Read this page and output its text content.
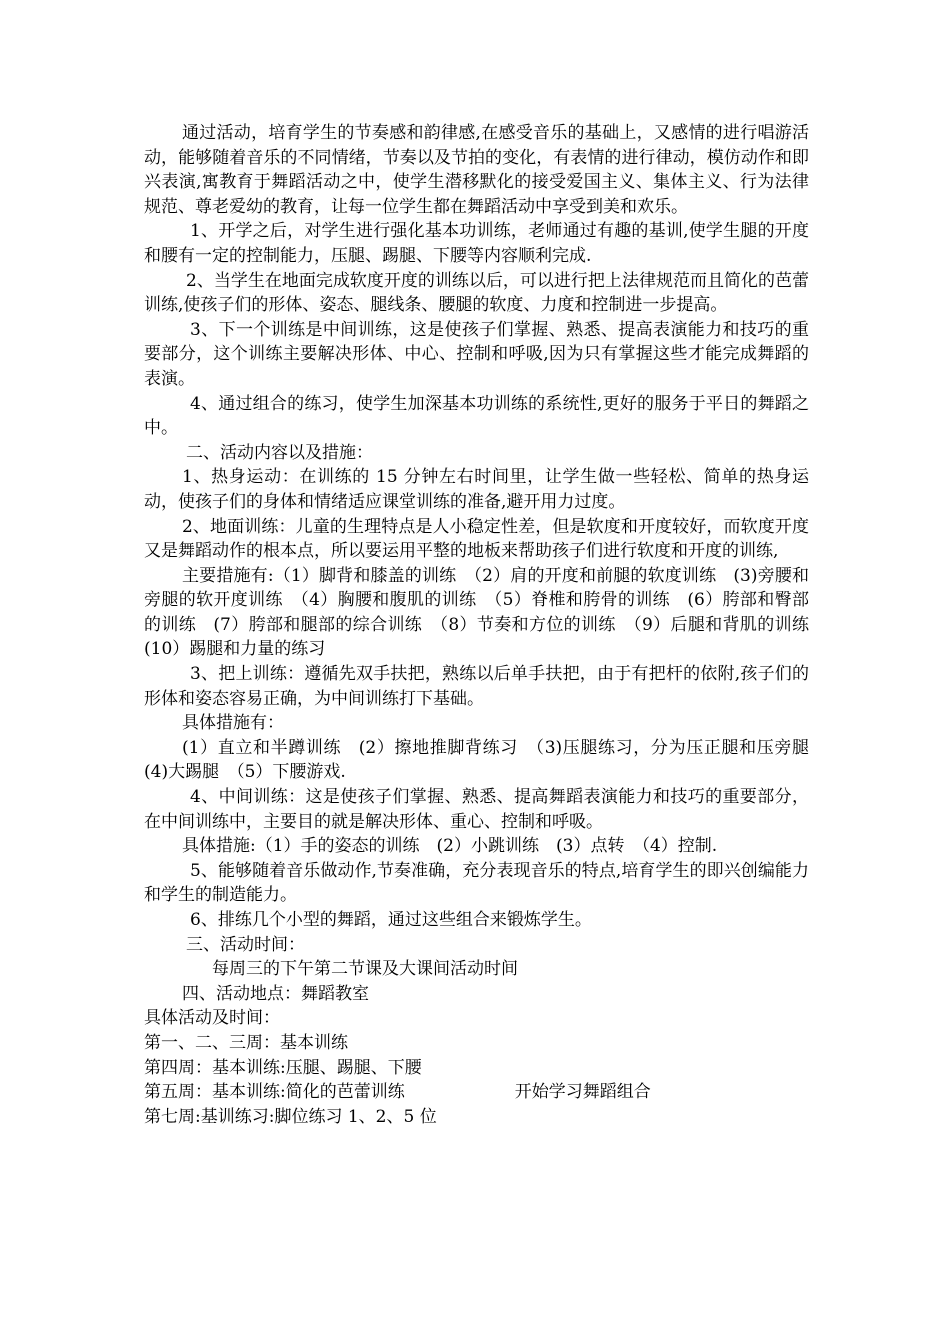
通过活动，培育学生的节奏感和韵律感,在感受音乐的基础上，又感情的进行唱游活动，能够随着音乐的不同情绪，节奏以及节拍的变化，有表情的进行律动，模仿动作和即兴表演,寓教育于舞蹈活动之中，使学生潜移默化的接受爱国主义、集体主义、行为法律规范、尊老爱幼的教育，让每一位学生都在舞蹈活动中享受到美和欢乐。

1、开学之后，对学生进行强化基本功训练，老师通过有趣的基训,使学生腿的开度和腰有一定的控制能力，压腿、踢腿、下腰等内容顺利完成.

2、当学生在地面完成软度开度的训练以后，可以进行把上法律规范而且简化的芭蕾训练,使孩子们的形体、姿态、腿线条、腰腿的软度、力度和控制进一步提高。

3、下一个训练是中间训练，这是使孩子们掌握、熟悉、提高表演能力和技巧的重要部分，这个训练主要解决形体、中心、控制和呼吸,因为只有掌握这些才能完成舞蹈的表演。

4、通过组合的练习，使学生加深基本功训练的系统性,更好的服务于平日的舞蹈之中。

二、活动内容以及措施：

1、热身运动：在训练的 15 分钟左右时间里，让学生做一些轻松、简单的热身运动，使孩子们的身体和情绪适应课堂训练的准备,避开用力过度。

2、地面训练：儿童的生理特点是人小稳定性差，但是软度和开度较好，而软度开度又是舞蹈动作的根本点，所以要运用平整的地板来帮助孩子们进行软度和开度的训练,

主要措施有:（1）脚背和膝盖的训练　（2）肩的开度和前腿的软度训练　(3)旁腰和旁腿的软开度训练　（4）胸腰和腹肌的训练　（5）脊椎和胯骨的训练　(6）胯部和臀部的训练　(7）胯部和腿部的综合训练　（8）节奏和方位的训练　（9）后腿和背肌的训练　(10）踢腿和力量的练习

3、把上训练：遵循先双手扶把，熟练以后单手扶把，由于有把杆的依附,孩子们的形体和姿态容易正确，为中间训练打下基础。

具体措施有：

(1）直立和半蹲训练　(2）擦地推脚背练习　（3)压腿练习，分为压正腿和压旁腿　(4)大踢腿　（5）下腰游戏.

4、中间训练：这是使孩子们掌握、熟悉、提高舞蹈表演能力和技巧的重要部分，在中间训练中，主要目的就是解决形体、重心、控制和呼吸。

具体措施:（1）手的姿态的训练　(2）小跳训练　(3）点转　（4）控制.

5、能够随着音乐做动作,节奏准确，充分表现音乐的特点,培育学生的即兴创编能力和学生的制造能力。

6、排练几个小型的舞蹈，通过这些组合来锻炼学生。

三、活动时间：

每周三的下午第二节课及大课间活动时间

四、活动地点：舞蹈教室

具体活动及时间：

第一、二、三周：基本训练

第四周：基本训练:压腿、踢腿、下腰

第五周：基本训练:简化的芭蕾训练	开始学习舞蹈组合

第七周:基训练习:脚位练习 1、2、5 位
